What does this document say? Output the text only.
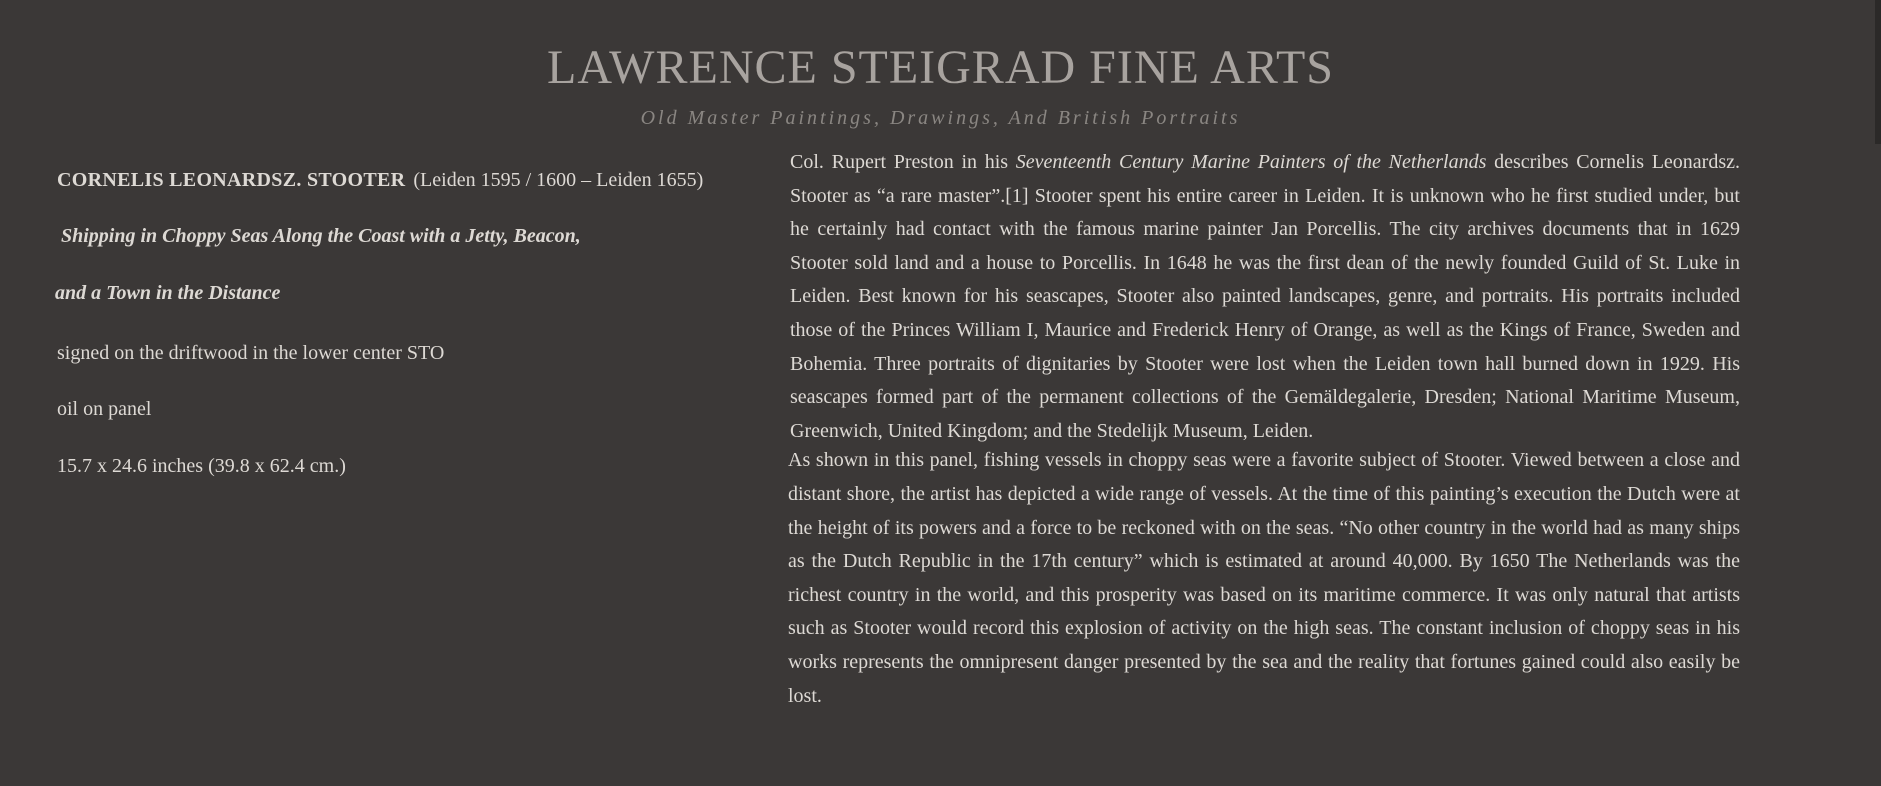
LAWRENCE STEIGRAD FINE ARTS
Old Master Paintings, Drawings, And British Portraits
CORNELIS LEONARDSZ. STOOTER (Leiden 1595 / 1600 – Leiden 1655)
Shipping in Choppy Seas Along the Coast with a Jetty, Beacon,
and a Town in the Distance
signed on the driftwood in the lower center STO
oil on panel
15.7 x 24.6 inches (39.8 x 62.4 cm.)

Col. Rupert Preston in his Seventeenth Century Marine Painters of the Netherlands describes Cornelis Leonardsz. Stooter as “a rare master”.[1] Stooter spent his entire career in Leiden. It is unknown who he first studied under, but he certainly had contact with the famous marine painter Jan Porcellis. The city archives documents that in 1629 Stooter sold land and a house to Porcellis. In 1648 he was the first dean of the newly founded Guild of St. Luke in Leiden. Best known for his seascapes, Stooter also painted landscapes, genre, and portraits. His portraits included those of the Princes William I, Maurice and Frederick Henry of Orange, as well as the Kings of France, Sweden and Bohemia. Three portraits of dignitaries by Stooter were lost when the Leiden town hall burned down in 1929. His seascapes formed part of the permanent collections of the Gemäldegalerie, Dresden; National Maritime Museum, Greenwich, United Kingdom; and the Stedelijk Museum, Leiden.

As shown in this panel, fishing vessels in choppy seas were a favorite subject of Stooter. Viewed between a close and distant shore, the artist has depicted a wide range of vessels. At the time of this painting’s execution the Dutch were at the height of its powers and a force to be reckoned with on the seas. “No other country in the world had as many ships as the Dutch Republic in the 17th century” which is estimated at around 40,000. By 1650 The Netherlands was the richest country in the world, and this prosperity was based on its maritime commerce. It was only natural that artists such as Stooter would record this explosion of activity on the high seas. The constant inclusion of choppy seas in his works represents the omnipresent danger presented by the sea and the reality that fortunes gained could also easily be lost.
